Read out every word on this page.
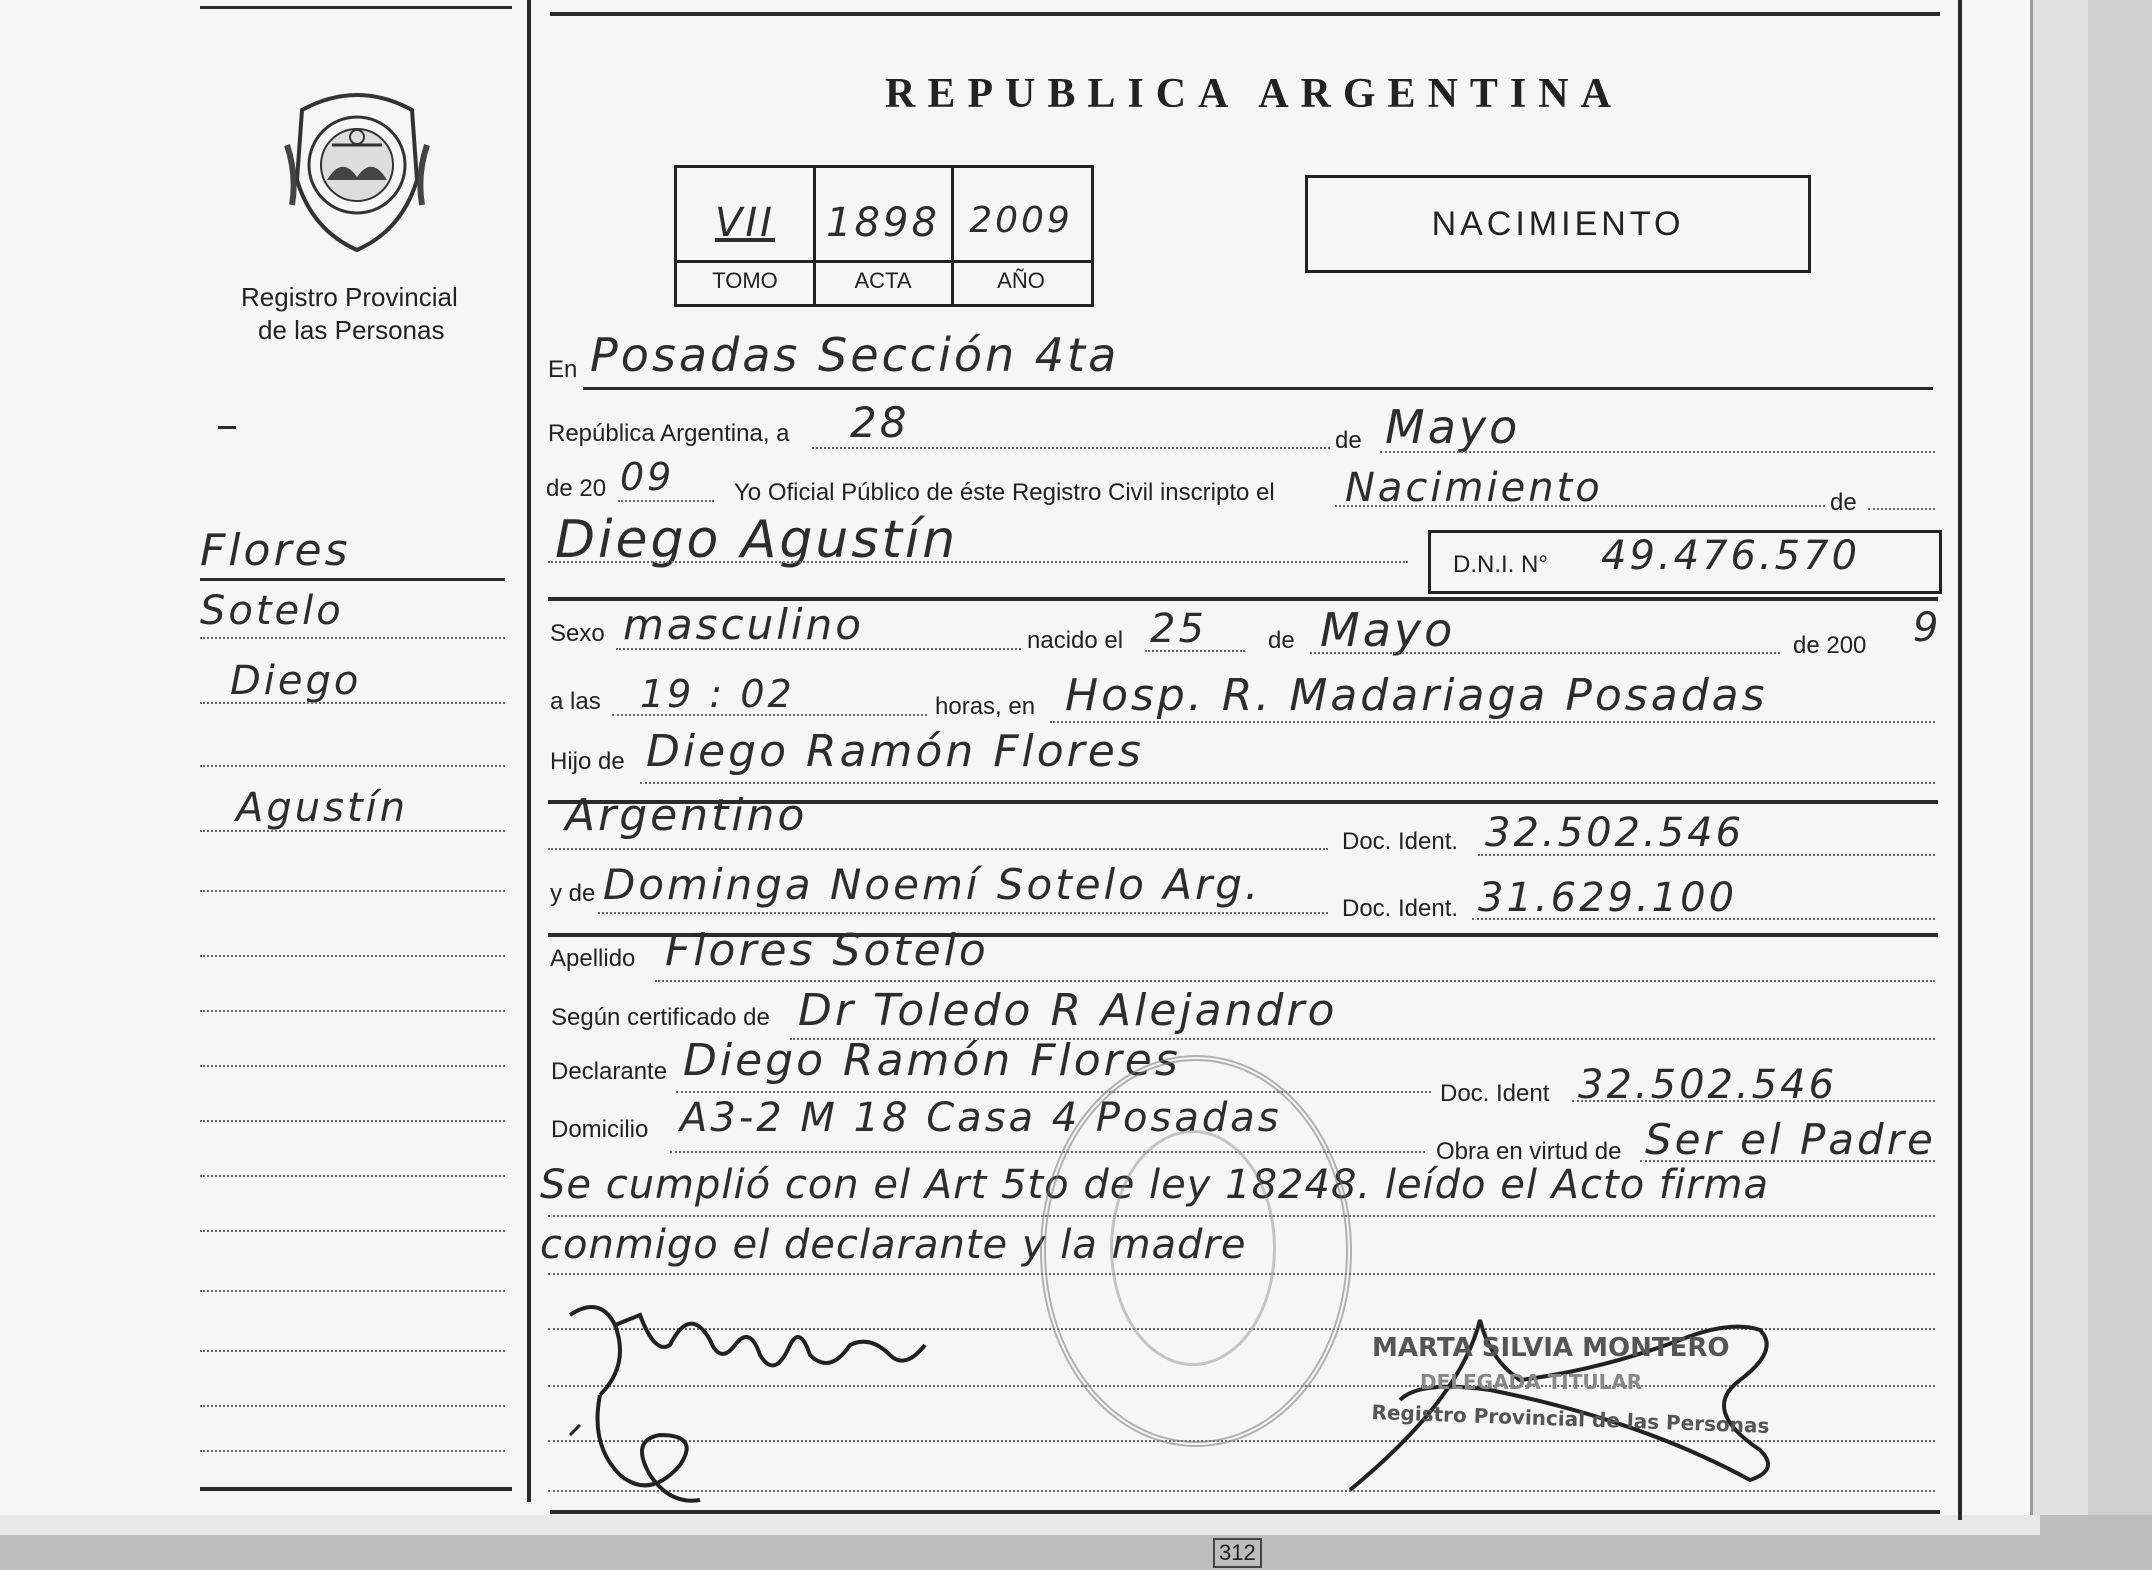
312
Registro Provincial
de las Personas
Flores
Sotelo
Diego
Agustín
REPUBLICA ARGENTINA
VII	1898 2009
TOMO	ACTA	AÑO
NACIMIENTO
En Posadas Sección 4ta
República Argentina, a 28	de Mayo
de 20 09 Yo Oficial Público de éste Registro Civil inscripto el Nacimiento	de
Diego Agustín	D.N.I. N° 49.476.570
Sexo masculino	nacido el 25	de Mayo	de 200 9
a las 19 : 02	horas, en Hosp. R. Madariaga Posadas
Hijo de Diego Ramón Flores
Argentino
Doc. Ident. 32.502.546
y de Dominga Noemí Sotelo Arg.	Doc. Ident. 31.629.100
Apellido Flores Sotelo
Según certificado de Dr Toledo R Alejandro
Declarante Diego Ramón Flores
Doc. Ident 32.502.546
Domicilio A3-2 M 18 Casa 4 Posadas
Obra en virtud de Ser el Padre
Se cumplió con el Art 5to de ley 18248. leído el Acto firma
conmigo el declarante y la madre
MARTA SILVIA MONTERO
DELEGADA TITULAR
Registro Provincial de las Personas
